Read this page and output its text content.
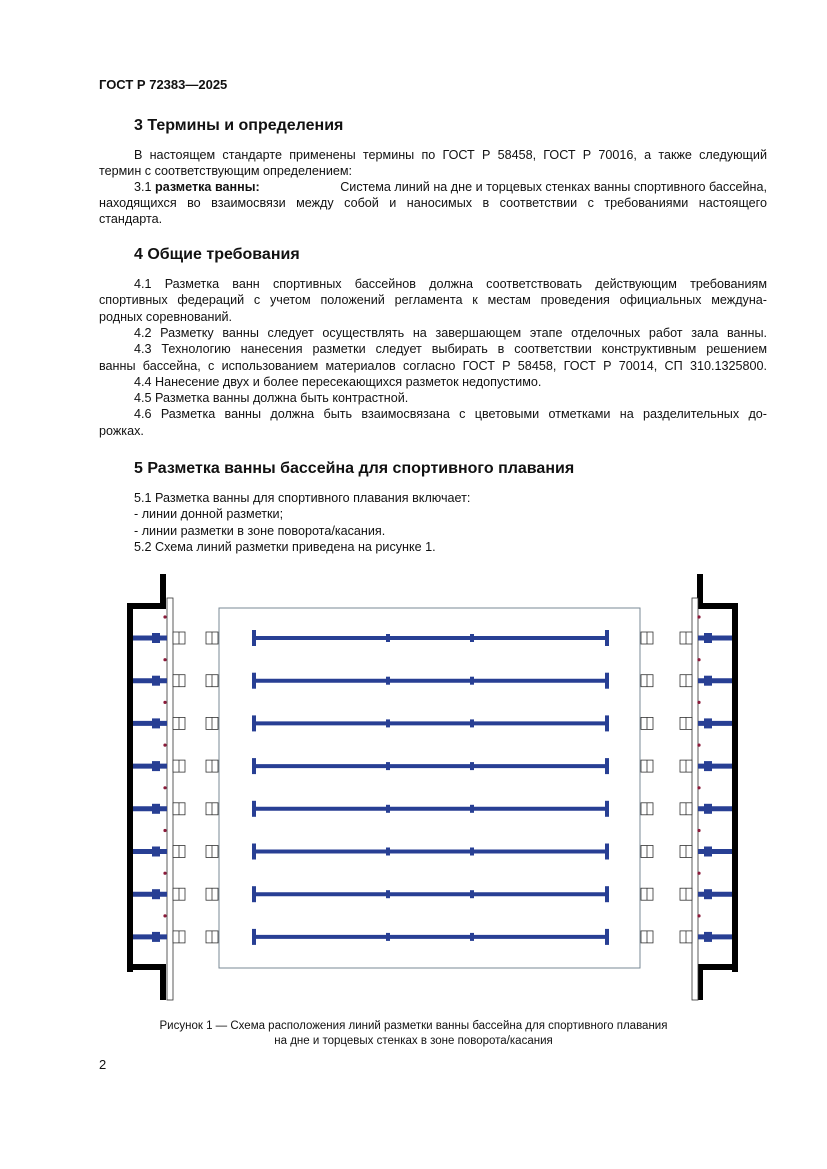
ГОСТ Р 72383—2025
3 Термины и определения
В настоящем стандарте применены термины по ГОСТ Р 58458, ГОСТ Р 70016, а также следующий
термин с соответствующим определением:
3.1 разметка ванны:	Система линий на дне и торцевых стенках ванны спортивного бассейна,
находящихся во взаимосвязи между собой и наносимых в соответствии с требованиями настоящего
стандарта.
4 Общие требования
4.1 Разметка ванн спортивных бассейнов должна соответствовать действующим требованиям
спортивных федераций с учетом положений регламента к местам проведения официальных междуна-
родных соревнований.
4.2 Разметку ванны следует осуществлять на завершающем этапе отделочных работ зала ванны.
4.3 Технологию нанесения разметки следует выбирать в соответствии конструктивным решением
ванны бассейна, с использованием материалов согласно ГОСТ Р 58458, ГОСТ Р 70014, СП 310.1325800.
4.4 Нанесение двух и более пересекающихся разметок недопустимо.
4.5 Разметка ванны должна быть контрастной.
4.6 Разметка ванны должна быть взаимосвязана с цветовыми отметками на разделительных до-
рожках.
5 Разметка ванны бассейна для спортивного плавания
5.1 Разметка ванны для спортивного плавания включает:
- линии донной разметки;
- линии разметки в зоне поворота/касания.
5.2 Схема линий разметки приведена на рисунке 1.
Рисунок 1 — Схема расположения линий разметки ванны бассейна для спортивного плавания
на дне и торцевых стенках в зоне поворота/касания
2
